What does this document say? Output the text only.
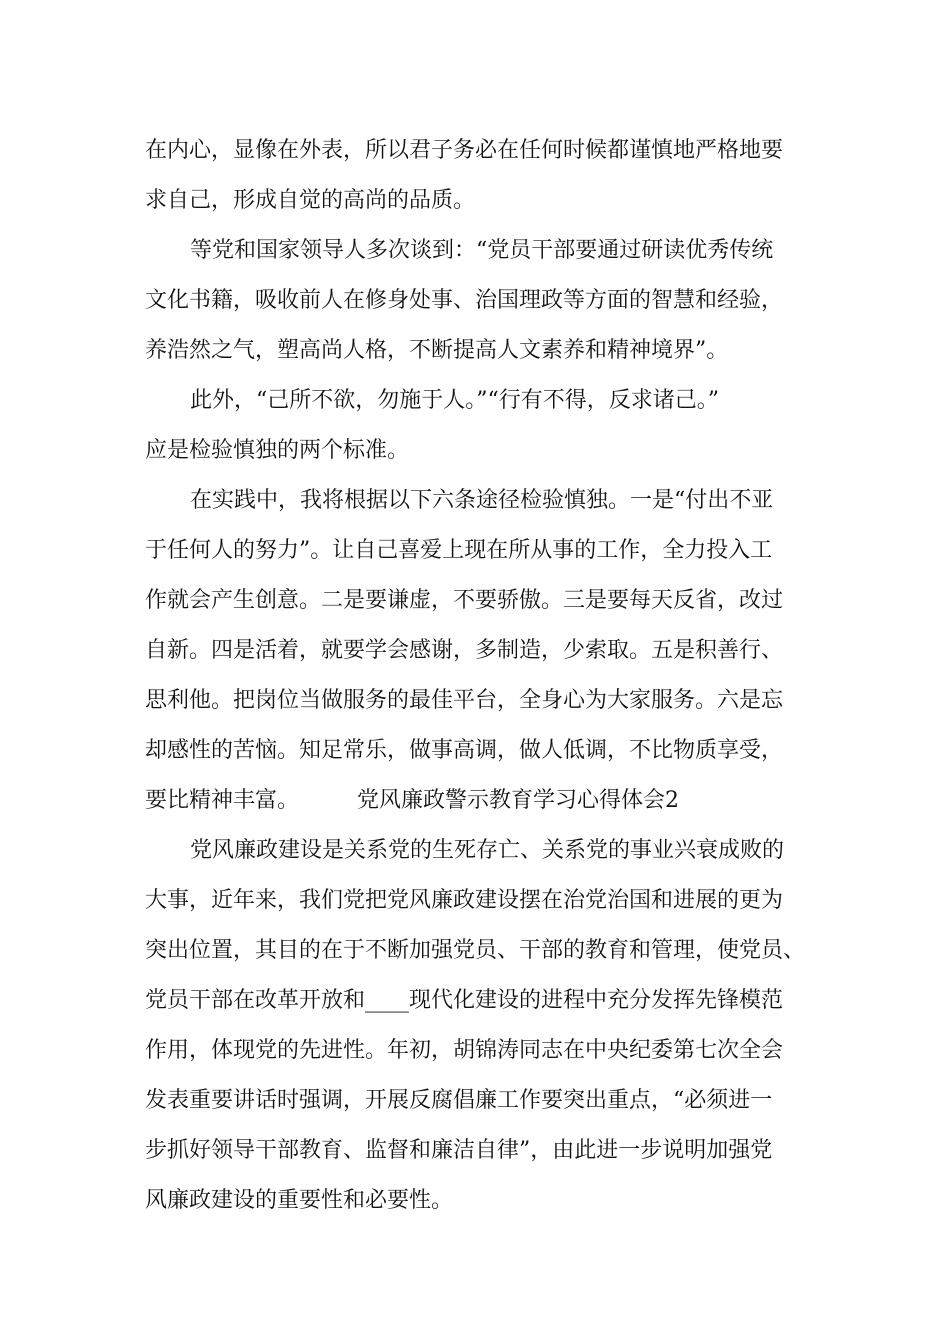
在内心，显像在外表，所以君子务必在任何时候都谨慎地严格地要
求自己，形成自觉的高尚的品质。
等党和国家领导人多次谈到：“党员干部要通过研读优秀传统
文化书籍，吸收前人在修身处事、治国理政等方面的智慧和经验，
养浩然之气，塑高尚人格，不断提高人文素养和精神境界”。
此外，“己所不欲，勿施于人。”“行有不得，反求诸己。”
应是检验慎独的两个标准。
在实践中，我将根据以下六条途径检验慎独。一是“付出不亚
于任何人的努力”。让自己喜爱上现在所从事的工作，全力投入工
作就会产生创意。二是要谦虚，不要骄傲。三是要每天反省，改过
自新。四是活着，就要学会感谢，多制造，少索取。五是积善行、
思利他。把岗位当做服务的最佳平台，全身心为大家服务。六是忘
却感性的苦恼。知足常乐，做事高调，做人低调，不比物质享受，
要比精神丰富。	党风廉政警示教育学习心得体会2
党风廉政建设是关系党的生死存亡、关系党的事业兴衰成败的
大事，近年来，我们党把党风廉政建设摆在治党治国和进展的更为
突出位置，其目的在于不断加强党员、干部的教育和管理，使党员、
党员干部在改革开放和____现代化建设的进程中充分发挥先锋模范
作用，体现党的先进性。年初，胡锦涛同志在中央纪委第七次全会
发表重要讲话时强调，开展反腐倡廉工作要突出重点，“必须进一
步抓好领导干部教育、监督和廉洁自律”，由此进一步说明加强党
风廉政建设的重要性和必要性。
